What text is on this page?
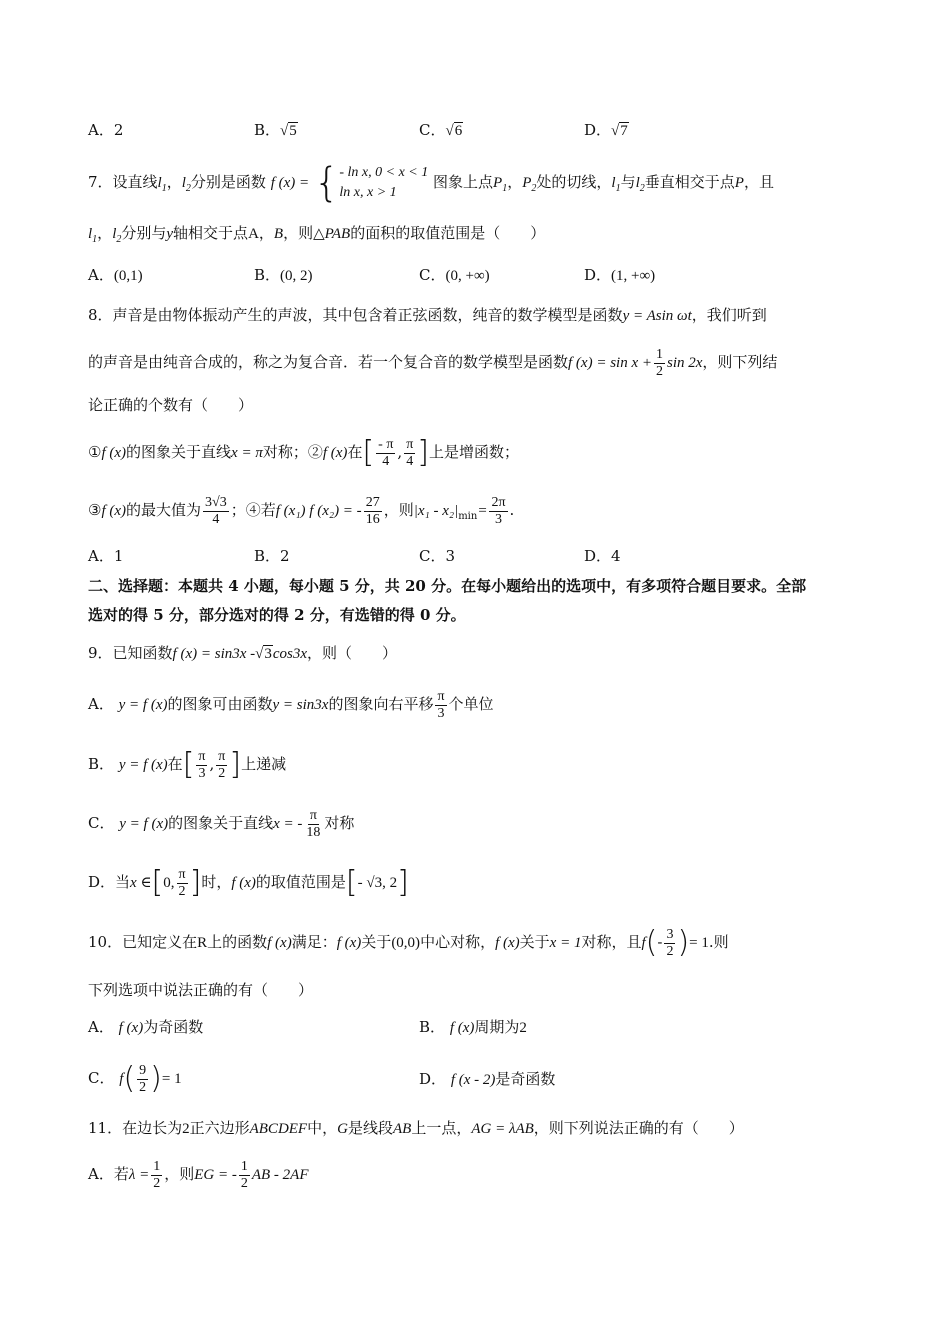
A．2	B．√5	C．√6	D．√7
7．设直线$l_1$，$l_2$分别是函数 f (x) = { - ln x, 0 < x < 1
ln x, x > 1
图象上点$P_1$，$P_2$处的切线，$l_1$与$l_2$垂直相交于点P，且
$l_1$，$l_2$分别与y轴相交于点A，B，则△PAB的面积的取值范围是（　　）
A．(0,1)	B．(0, 2)	C．(0, +∞)	D．(1, +∞)
8．声音是由物体振动产生的声波，其中包含着正弦函数，纯音的数学模型是函数y = Asin ωt，我们听到
的声音是由纯音合成的，称之为复合音．若一个复合音的数学模型是函数f $(x) = \sin x + \frac{1}{2}$ sin 2x，则下列结
论正确的个数有（　　）
①f (x)的图象关于直线x = π对称；②f (x)在[ $\frac{- \pi}{4}$ , $\frac{\pi}{4}$ ]上是增函数；
③f (x)的最大值为 $\frac{3√3}{4}$ ；④若f (x₁) f (x₂) = - $\frac{27}{16}$ ，则$|x_1 - x_2|_{min}= \frac{2\pi}{3}$ .
A．1	B．2	C．3	D．4
二、选择题：本题共 4 小题，每小题 5 分，共 20 分。在每小题给出的选项中，有多项符合题目要求。全部
选对的得 5 分，部分选对的得 2 分，有选错的得 0 分。
9．已知函数f (x) = sin3x -√3cos3x，则（　　）
A． y = f (x)的图象可由函数y = sin3x的图象向右平移 $\frac{\pi}{3}$ 个单位
B． y = f (x)在[ $\frac{\pi}{3}$ , $\frac{\pi}{2}$ ]上递减
C． y = f (x)的图象关于直线x = - $\frac{\pi}{18}$ 对称
D．当x ∈[0, $\frac{\pi}{2}$ ]时，f (x)的取值范围是[- √3, 2]
10．已知定义在R上的函数f (x)满足：f (x)关于(0,0)中心对称，f (x)关于x = 1对称，且$f(- \frac{3}{2}$ )= 1.则
下列选项中说法正确的有（　　）
A． f (x)为奇函数	B． f (x)周期为2
C． $f( \frac{9}{2}$ )= 1	D． f (x - 2)是奇函数
11．在边长为2正六边形ABCDEF中，G是线段AB上一点，AG = λAB，则下列说法正确的有（　　）
A．若$\lambda = \frac{1}{2}$ ，则EG = - $\frac{1}{2}$ AB - 2AF
